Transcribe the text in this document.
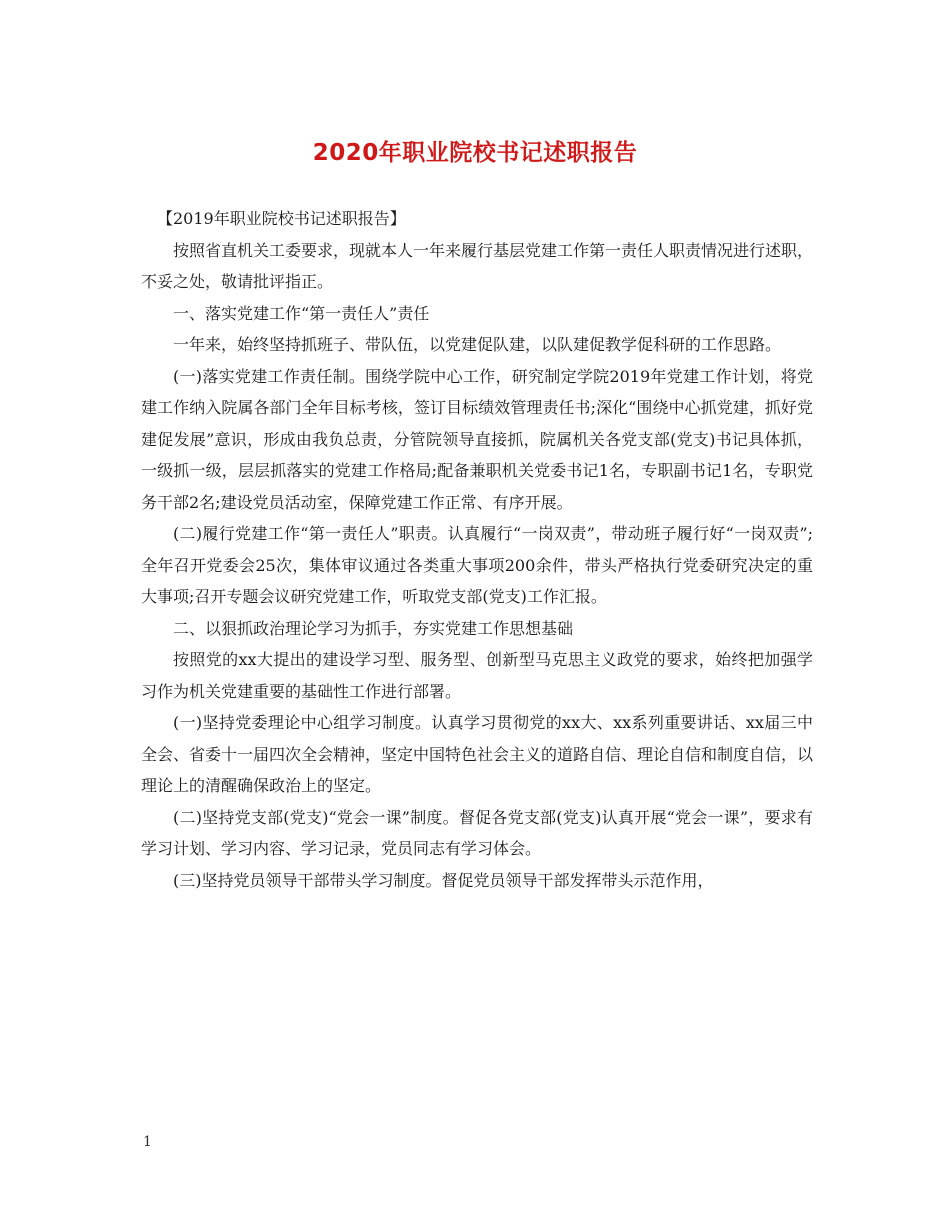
2020年职业院校书记述职报告

【2019年职业院校书记述职报告】

按照省直机关工委要求，现就本人一年来履行基层党建工作第一责任人职责情况进行述职，不妥之处，敬请批评指正。

一、落实党建工作“第一责任人”责任

一年来，始终坚持抓班子、带队伍，以党建促队建，以队建促教学促科研的工作思路。

(一)落实党建工作责任制。围绕学院中心工作，研究制定学院2019年党建工作计划，将党建工作纳入院属各部门全年目标考核，签订目标绩效管理责任书;深化“围绕中心抓党建，抓好党建促发展”意识，形成由我负总责，分管院领导直接抓，院属机关各党支部(党支)书记具体抓，一级抓一级，层层抓落实的党建工作格局;配备兼职机关党委书记1名，专职副书记1名，专职党务干部2名;建设党员活动室，保障党建工作正常、有序开展。

(二)履行党建工作“第一责任人”职责。认真履行“一岗双责”，带动班子履行好“一岗双责”;全年召开党委会25次，集体审议通过各类重大事项200余件，带头严格执行党委研究决定的重大事项;召开专题会议研究党建工作，听取党支部(党支)工作汇报。

二、以狠抓政治理论学习为抓手，夯实党建工作思想基础

按照党的xx大提出的建设学习型、服务型、创新型马克思主义政党的要求，始终把加强学习作为机关党建重要的基础性工作进行部署。

(一)坚持党委理论中心组学习制度。认真学习贯彻党的xx大、xx系列重要讲话、xx届三中全会、省委十一届四次全会精神，坚定中国特色社会主义的道路自信、理论自信和制度自信，以理论上的清醒确保政治上的坚定。

(二)坚持党支部(党支)“党会一课”制度。督促各党支部(党支)认真开展“党会一课”，要求有学习计划、学习内容、学习记录，党员同志有学习体会。

(三)坚持党员领导干部带头学习制度。督促党员领导干部发挥带头示范作用，

1
